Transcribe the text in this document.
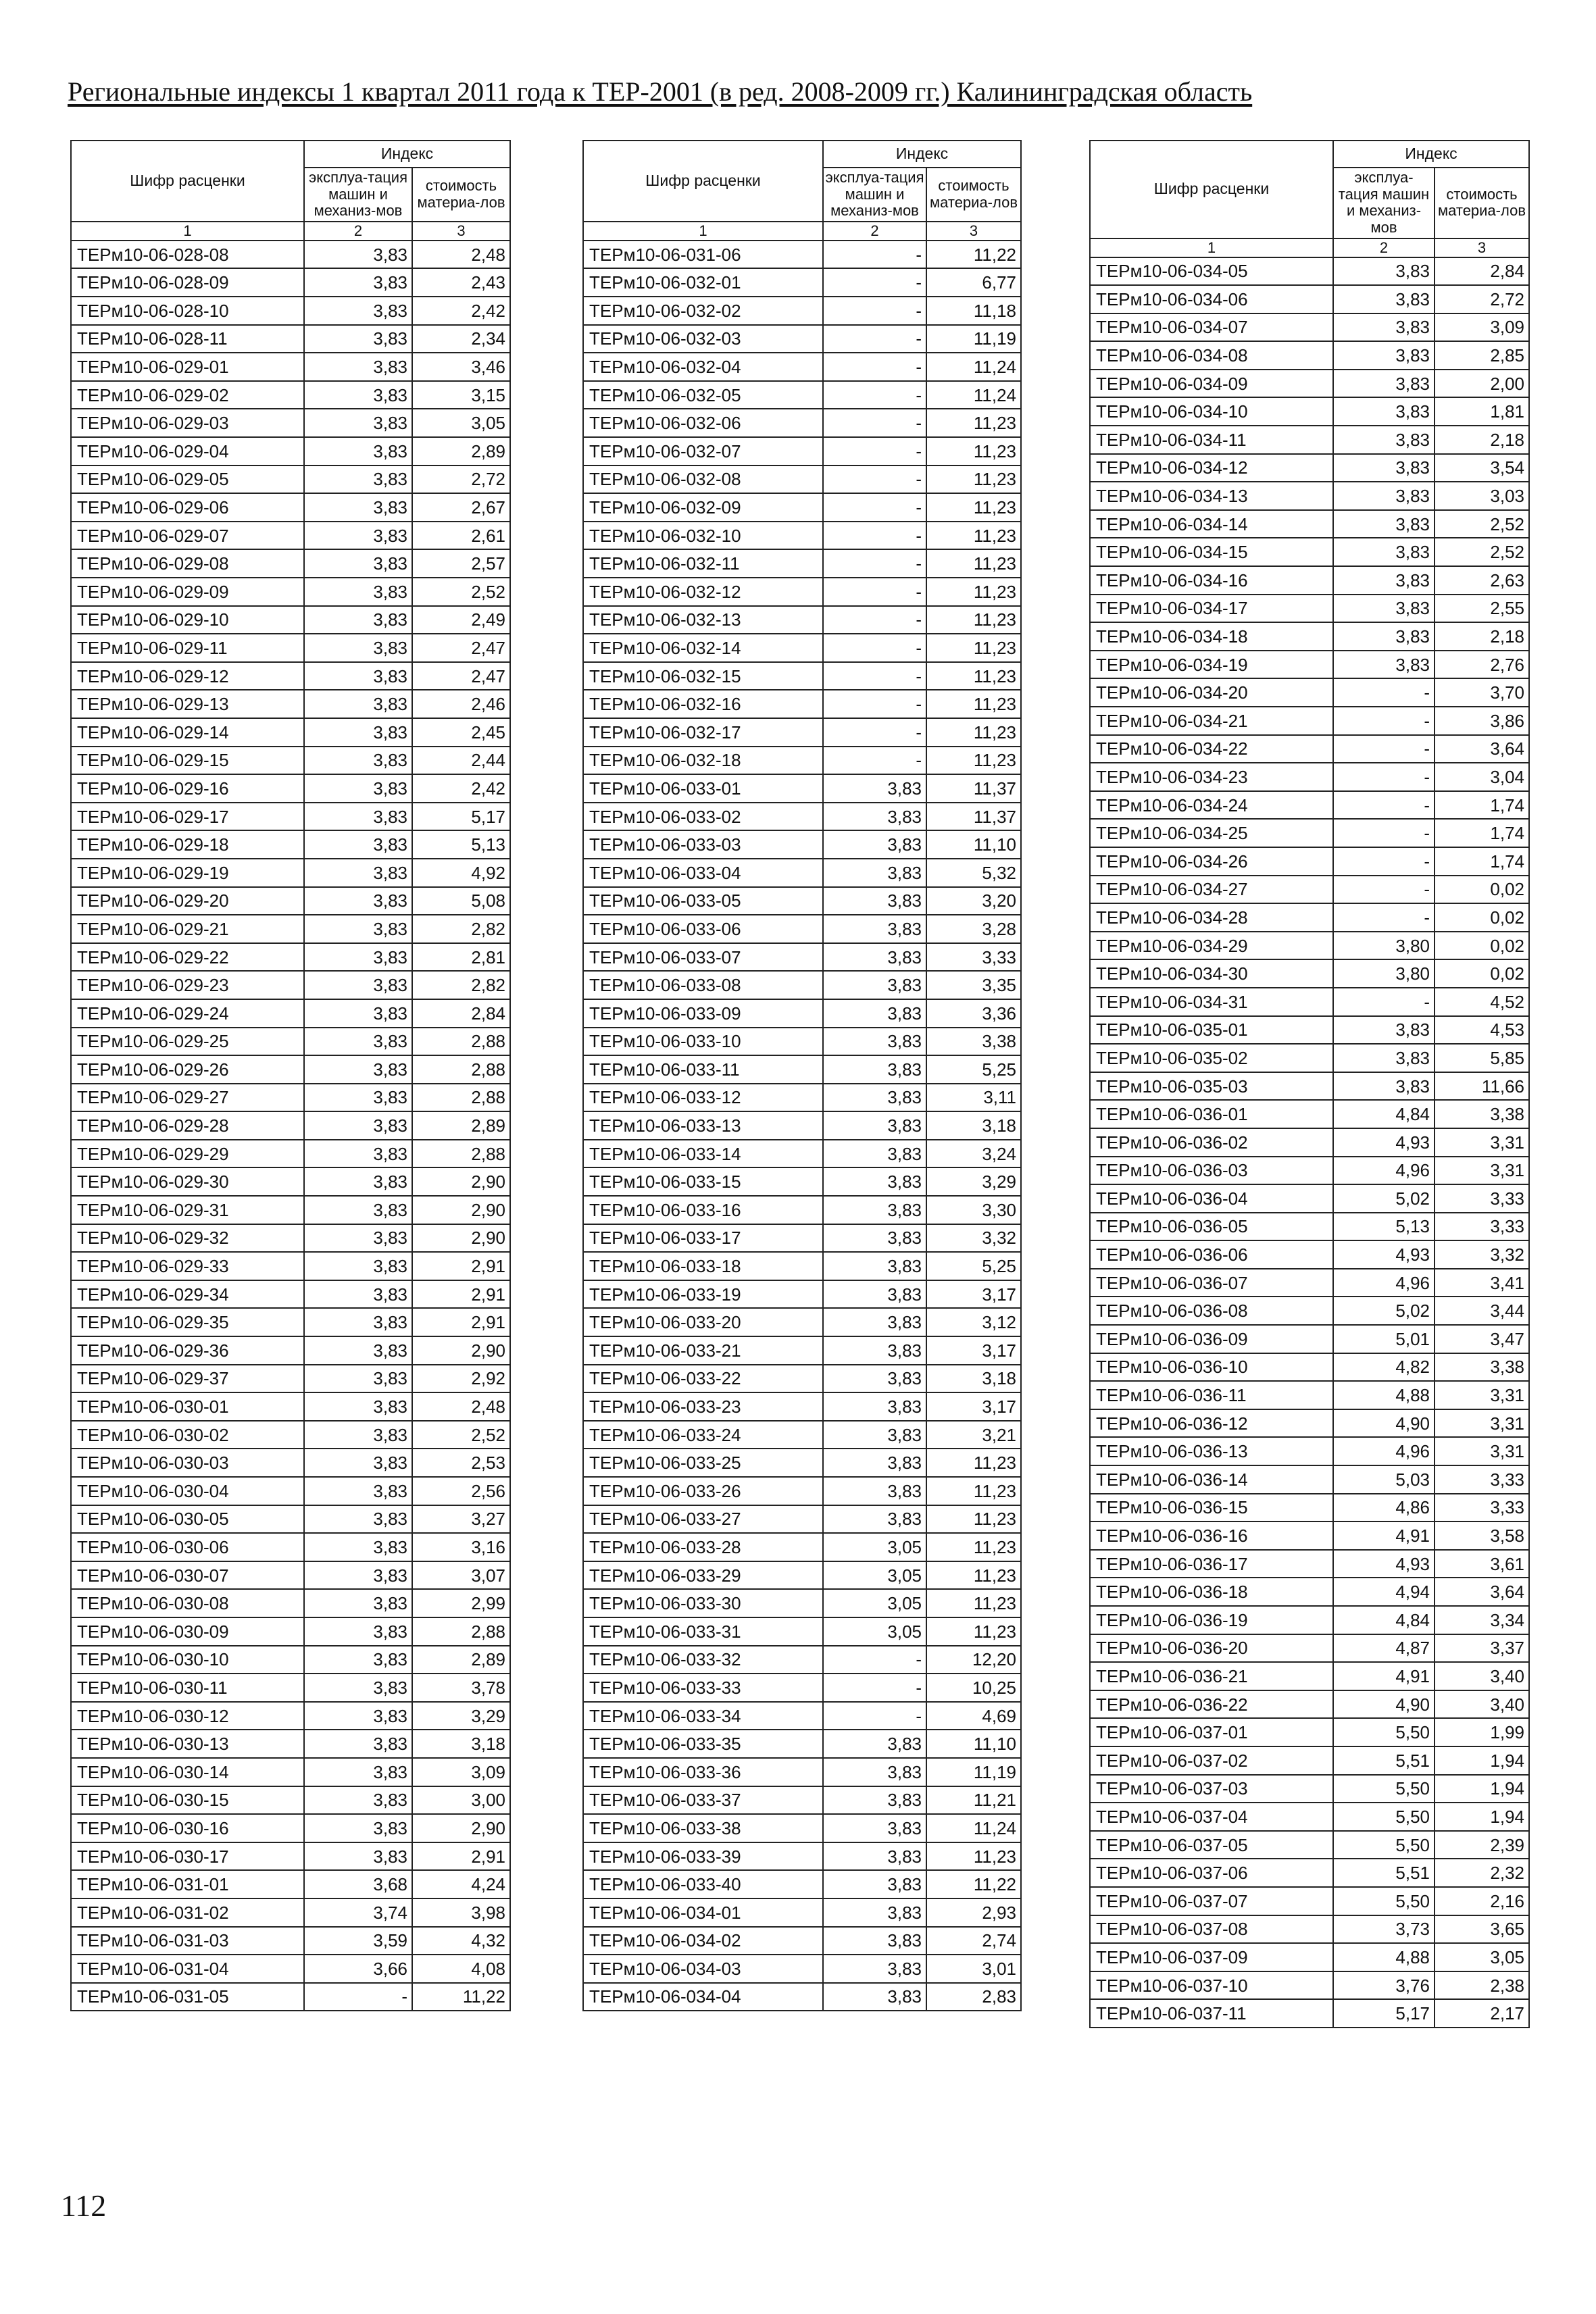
Региональные индексы 1 квартал 2011 года к ТЕР-2001 (в ред. 2008-2009 гг.) Калининградская область
Шифр расценки	Индекс	
	эксплуа-тация машин и механиз-мов	стоимость материа-лов
1	2	3
ТЕРм10-06-028-08	3,83	2,48
ТЕРм10-06-028-09	3,83	2,43
ТЕРм10-06-028-10	3,83	2,42
ТЕРм10-06-028-11	3,83	2,34
ТЕРм10-06-029-01	3,83	3,46
ТЕРм10-06-029-02	3,83	3,15
ТЕРм10-06-029-03	3,83	3,05
ТЕРм10-06-029-04	3,83	2,89
ТЕРм10-06-029-05	3,83	2,72
ТЕРм10-06-029-06	3,83	2,67
ТЕРм10-06-029-07	3,83	2,61
ТЕРм10-06-029-08	3,83	2,57
ТЕРм10-06-029-09	3,83	2,52
ТЕРм10-06-029-10	3,83	2,49
ТЕРм10-06-029-11	3,83	2,47
ТЕРм10-06-029-12	3,83	2,47
ТЕРм10-06-029-13	3,83	2,46
ТЕРм10-06-029-14	3,83	2,45
ТЕРм10-06-029-15	3,83	2,44
ТЕРм10-06-029-16	3,83	2,42
ТЕРм10-06-029-17	3,83	5,17
ТЕРм10-06-029-18	3,83	5,13
ТЕРм10-06-029-19	3,83	4,92
ТЕРм10-06-029-20	3,83	5,08
ТЕРм10-06-029-21	3,83	2,82
ТЕРм10-06-029-22	3,83	2,81
ТЕРм10-06-029-23	3,83	2,82
ТЕРм10-06-029-24	3,83	2,84
ТЕРм10-06-029-25	3,83	2,88
ТЕРм10-06-029-26	3,83	2,88
ТЕРм10-06-029-27	3,83	2,88
ТЕРм10-06-029-28	3,83	2,89
ТЕРм10-06-029-29	3,83	2,88
ТЕРм10-06-029-30	3,83	2,90
ТЕРм10-06-029-31	3,83	2,90
ТЕРм10-06-029-32	3,83	2,90
ТЕРм10-06-029-33	3,83	2,91
ТЕРм10-06-029-34	3,83	2,91
ТЕРм10-06-029-35	3,83	2,91
ТЕРм10-06-029-36	3,83	2,90
ТЕРм10-06-029-37	3,83	2,92
ТЕРм10-06-030-01	3,83	2,48
ТЕРм10-06-030-02	3,83	2,52
ТЕРм10-06-030-03	3,83	2,53
ТЕРм10-06-030-04	3,83	2,56
ТЕРм10-06-030-05	3,83	3,27
ТЕРм10-06-030-06	3,83	3,16
ТЕРм10-06-030-07	3,83	3,07
ТЕРм10-06-030-08	3,83	2,99
ТЕРм10-06-030-09	3,83	2,88
ТЕРм10-06-030-10	3,83	2,89
ТЕРм10-06-030-11	3,83	3,78
ТЕРм10-06-030-12	3,83	3,29
ТЕРм10-06-030-13	3,83	3,18
ТЕРм10-06-030-14	3,83	3,09
ТЕРм10-06-030-15	3,83	3,00
ТЕРм10-06-030-16	3,83	2,90
ТЕРм10-06-030-17	3,83	2,91
ТЕРм10-06-031-01	3,68	4,24
ТЕРм10-06-031-02	3,74	3,98
ТЕРм10-06-031-03	3,59	4,32
ТЕРм10-06-031-04	3,66	4,08
ТЕРм10-06-031-05	-	11,22
Шифр расценки	Индекс	
	эксплуа-тация машин и механиз-мов	стоимость материа-лов
1	2	3
ТЕРм10-06-031-06	-	11,22
ТЕРм10-06-032-01	-	6,77
ТЕРм10-06-032-02	-	11,18
ТЕРм10-06-032-03	-	11,19
ТЕРм10-06-032-04	-	11,24
ТЕРм10-06-032-05	-	11,24
ТЕРм10-06-032-06	-	11,23
ТЕРм10-06-032-07	-	11,23
ТЕРм10-06-032-08	-	11,23
ТЕРм10-06-032-09	-	11,23
ТЕРм10-06-032-10	-	11,23
ТЕРм10-06-032-11	-	11,23
ТЕРм10-06-032-12	-	11,23
ТЕРм10-06-032-13	-	11,23
ТЕРм10-06-032-14	-	11,23
ТЕРм10-06-032-15	-	11,23
ТЕРм10-06-032-16	-	11,23
ТЕРм10-06-032-17	-	11,23
ТЕРм10-06-032-18	-	11,23
ТЕРм10-06-033-01	3,83	11,37
ТЕРм10-06-033-02	3,83	11,37
ТЕРм10-06-033-03	3,83	11,10
ТЕРм10-06-033-04	3,83	5,32
ТЕРм10-06-033-05	3,83	3,20
ТЕРм10-06-033-06	3,83	3,28
ТЕРм10-06-033-07	3,83	3,33
ТЕРм10-06-033-08	3,83	3,35
ТЕРм10-06-033-09	3,83	3,36
ТЕРм10-06-033-10	3,83	3,38
ТЕРм10-06-033-11	3,83	5,25
ТЕРм10-06-033-12	3,83	3,11
ТЕРм10-06-033-13	3,83	3,18
ТЕРм10-06-033-14	3,83	3,24
ТЕРм10-06-033-15	3,83	3,29
ТЕРм10-06-033-16	3,83	3,30
ТЕРм10-06-033-17	3,83	3,32
ТЕРм10-06-033-18	3,83	5,25
ТЕРм10-06-033-19	3,83	3,17
ТЕРм10-06-033-20	3,83	3,12
ТЕРм10-06-033-21	3,83	3,17
ТЕРм10-06-033-22	3,83	3,18
ТЕРм10-06-033-23	3,83	3,17
ТЕРм10-06-033-24	3,83	3,21
ТЕРм10-06-033-25	3,83	11,23
ТЕРм10-06-033-26	3,83	11,23
ТЕРм10-06-033-27	3,83	11,23
ТЕРм10-06-033-28	3,05	11,23
ТЕРм10-06-033-29	3,05	11,23
ТЕРм10-06-033-30	3,05	11,23
ТЕРм10-06-033-31	3,05	11,23
ТЕРм10-06-033-32	-	12,20
ТЕРм10-06-033-33	-	10,25
ТЕРм10-06-033-34	-	4,69
ТЕРм10-06-033-35	3,83	11,10
ТЕРм10-06-033-36	3,83	11,19
ТЕРм10-06-033-37	3,83	11,21
ТЕРм10-06-033-38	3,83	11,24
ТЕРм10-06-033-39	3,83	11,23
ТЕРм10-06-033-40	3,83	11,22
ТЕРм10-06-034-01	3,83	2,93
ТЕРм10-06-034-02	3,83	2,74
ТЕРм10-06-034-03	3,83	3,01
ТЕРм10-06-034-04	3,83	2,83
Шифр расценки	Индекс	
	эксплуа-тация машин и механиз-мов	стоимость материа-лов
1	2	3
ТЕРм10-06-034-05	3,83	2,84
ТЕРм10-06-034-06	3,83	2,72
ТЕРм10-06-034-07	3,83	3,09
ТЕРм10-06-034-08	3,83	2,85
ТЕРм10-06-034-09	3,83	2,00
ТЕРм10-06-034-10	3,83	1,81
ТЕРм10-06-034-11	3,83	2,18
ТЕРм10-06-034-12	3,83	3,54
ТЕРм10-06-034-13	3,83	3,03
ТЕРм10-06-034-14	3,83	2,52
ТЕРм10-06-034-15	3,83	2,52
ТЕРм10-06-034-16	3,83	2,63
ТЕРм10-06-034-17	3,83	2,55
ТЕРм10-06-034-18	3,83	2,18
ТЕРм10-06-034-19	3,83	2,76
ТЕРм10-06-034-20	-	3,70
ТЕРм10-06-034-21	-	3,86
ТЕРм10-06-034-22	-	3,64
ТЕРм10-06-034-23	-	3,04
ТЕРм10-06-034-24	-	1,74
ТЕРм10-06-034-25	-	1,74
ТЕРм10-06-034-26	-	1,74
ТЕРм10-06-034-27	-	0,02
ТЕРм10-06-034-28	-	0,02
ТЕРм10-06-034-29	3,80	0,02
ТЕРм10-06-034-30	3,80	0,02
ТЕРм10-06-034-31	-	4,52
ТЕРм10-06-035-01	3,83	4,53
ТЕРм10-06-035-02	3,83	5,85
ТЕРм10-06-035-03	3,83	11,66
ТЕРм10-06-036-01	4,84	3,38
ТЕРм10-06-036-02	4,93	3,31
ТЕРм10-06-036-03	4,96	3,31
ТЕРм10-06-036-04	5,02	3,33
ТЕРм10-06-036-05	5,13	3,33
ТЕРм10-06-036-06	4,93	3,32
ТЕРм10-06-036-07	4,96	3,41
ТЕРм10-06-036-08	5,02	3,44
ТЕРм10-06-036-09	5,01	3,47
ТЕРм10-06-036-10	4,82	3,38
ТЕРм10-06-036-11	4,88	3,31
ТЕРм10-06-036-12	4,90	3,31
ТЕРм10-06-036-13	4,96	3,31
ТЕРм10-06-036-14	5,03	3,33
ТЕРм10-06-036-15	4,86	3,33
ТЕРм10-06-036-16	4,91	3,58
ТЕРм10-06-036-17	4,93	3,61
ТЕРм10-06-036-18	4,94	3,64
ТЕРм10-06-036-19	4,84	3,34
ТЕРм10-06-036-20	4,87	3,37
ТЕРм10-06-036-21	4,91	3,40
ТЕРм10-06-036-22	4,90	3,40
ТЕРм10-06-037-01	5,50	1,99
ТЕРм10-06-037-02	5,51	1,94
ТЕРм10-06-037-03	5,50	1,94
ТЕРм10-06-037-04	5,50	1,94
ТЕРм10-06-037-05	5,50	2,39
ТЕРм10-06-037-06	5,51	2,32
ТЕРм10-06-037-07	5,50	2,16
ТЕРм10-06-037-08	3,73	3,65
ТЕРм10-06-037-09	4,88	3,05
ТЕРм10-06-037-10	3,76	2,38
ТЕРм10-06-037-11	5,17	2,17
112
